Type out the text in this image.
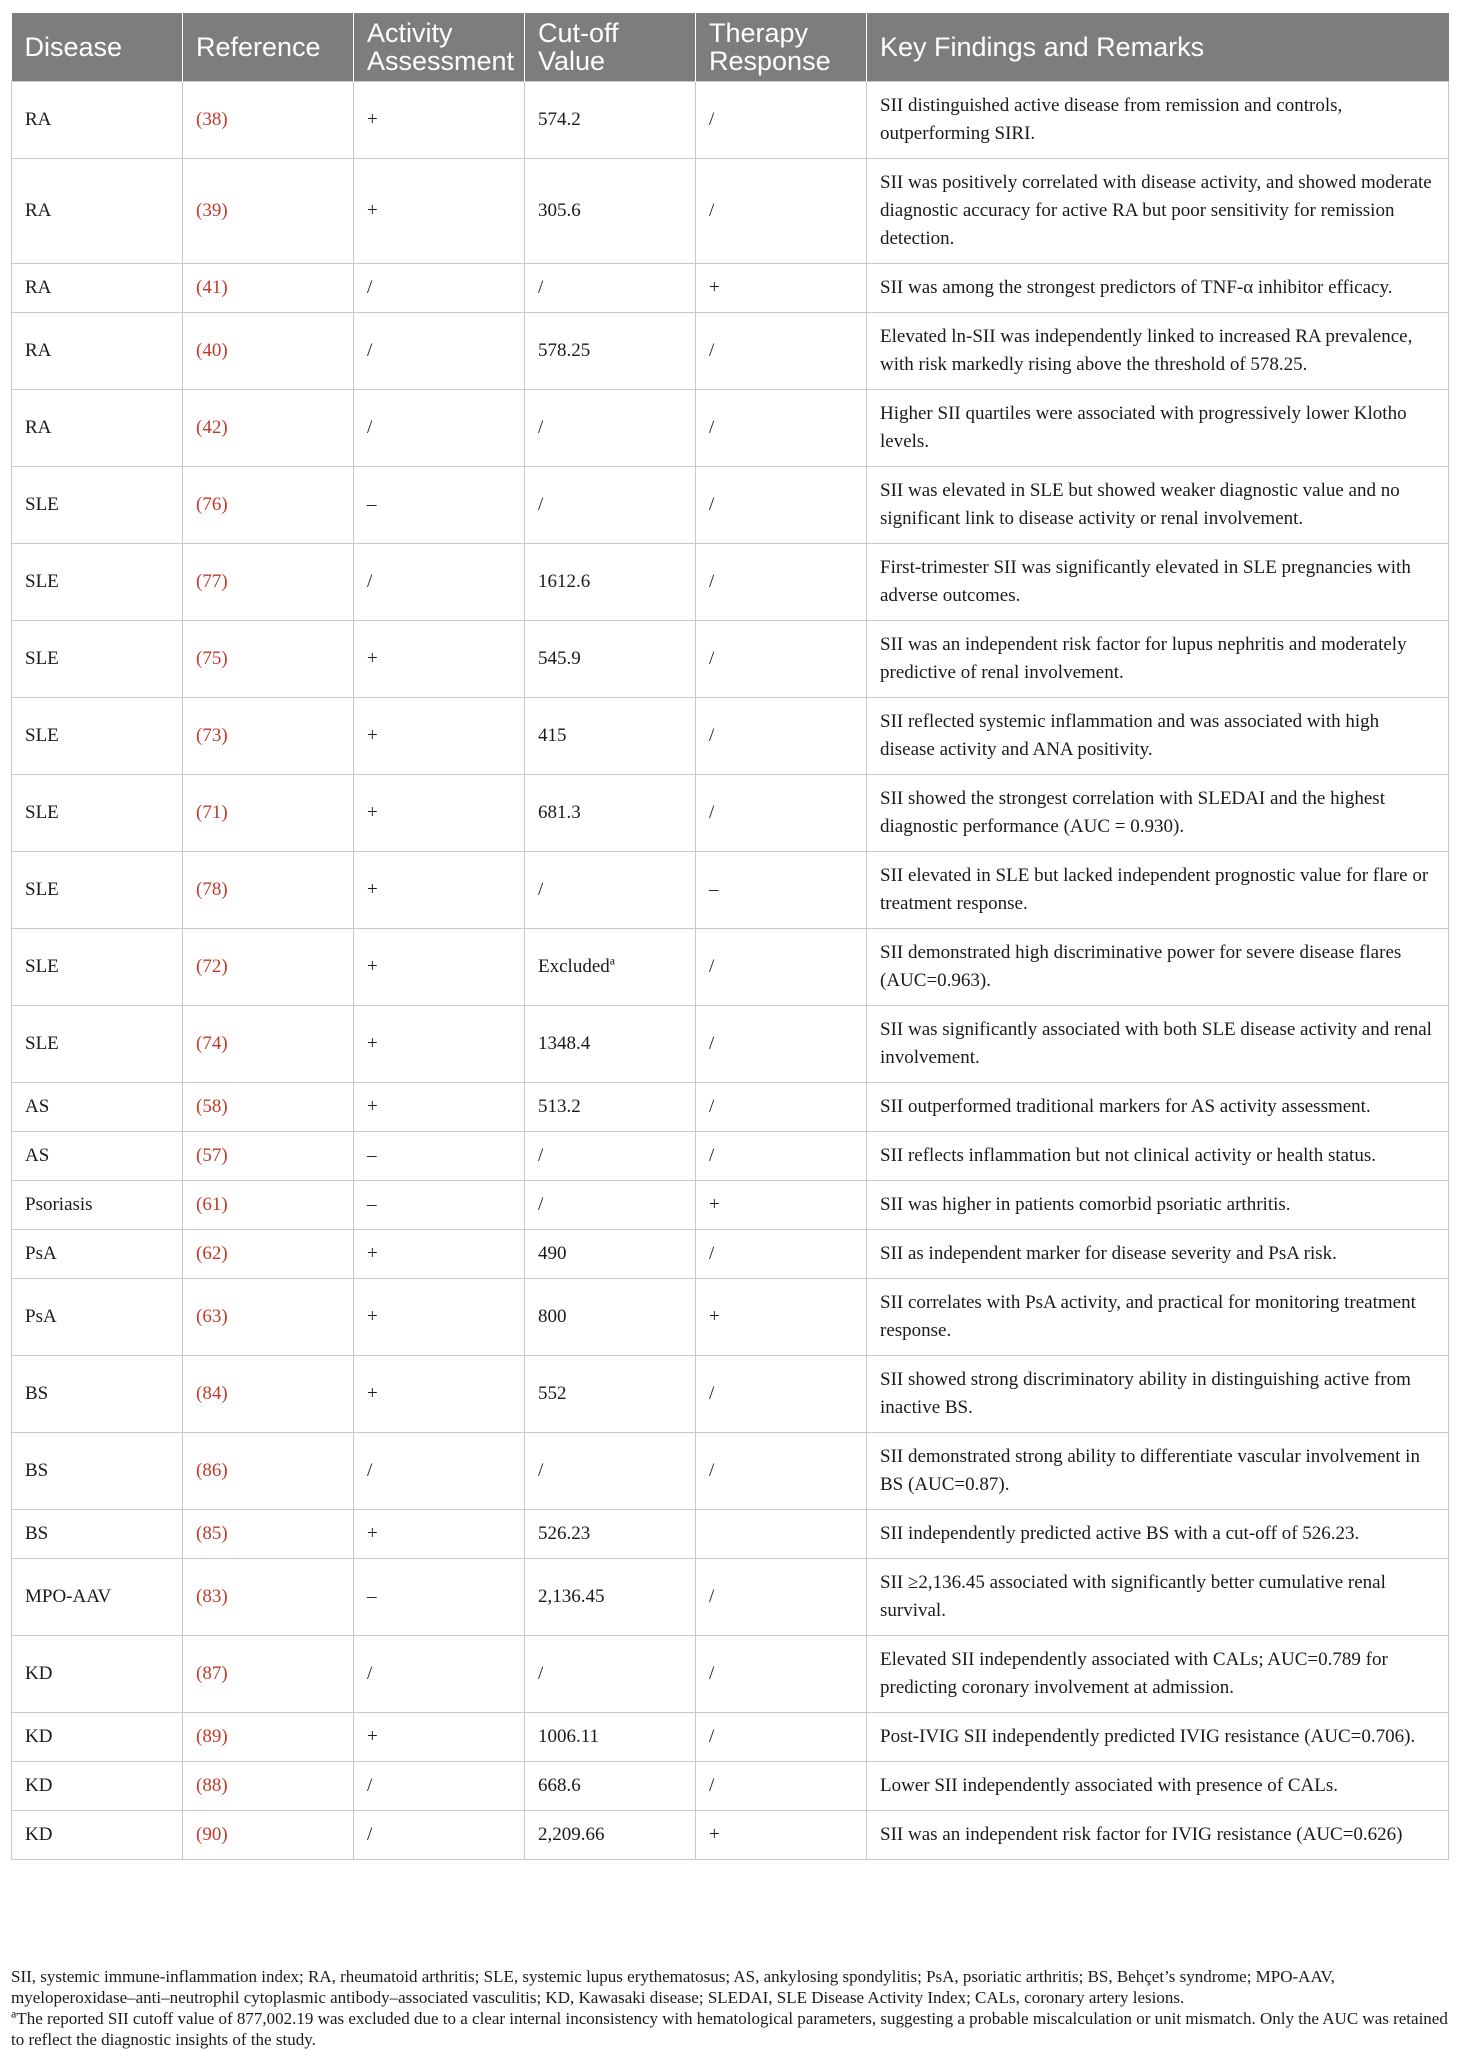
Disease	Reference	Activity Assessment	Cut-off Value	Therapy Response	Key Findings and Remarks
RA	(38)	+	574.2	/	SII distinguished active disease from remission and controls, outperforming SIRI.
RA	(39)	+	305.6	/	SII was positively correlated with disease activity, and showed moderate diagnostic accuracy for active RA but poor sensitivity for remission detection.
RA	(41)	/	/	+	SII was among the strongest predictors of TNF-α inhibitor efficacy.
RA	(40)	/	578.25	/	Elevated ln-SII was independently linked to increased RA prevalence, with risk markedly rising above the threshold of 578.25.
RA	(42)	/	/	/	Higher SII quartiles were associated with progressively lower Klotho levels.
SLE	(76)	–	/	/	SII was elevated in SLE but showed weaker diagnostic value and no significant link to disease activity or renal involvement.
SLE	(77)	/	1612.6	/	First-trimester SII was significantly elevated in SLE pregnancies with adverse outcomes.
SLE	(75)	+	545.9	/	SII was an independent risk factor for lupus nephritis and moderately predictive of renal involvement.
SLE	(73)	+	415	/	SII reflected systemic inflammation and was associated with high disease activity and ANA positivity.
SLE	(71)	+	681.3	/	SII showed the strongest correlation with SLEDAI and the highest diagnostic performance (AUC = 0.930).
SLE	(78)	+	/	–	SII elevated in SLE but lacked independent prognostic value for flare or treatment response.
SLE	(72)	+	Excluded$^a$	/	SII demonstrated high discriminative power for severe disease flares (AUC=0.963).
SLE	(74)	+	1348.4	/	SII was significantly associated with both SLE disease activity and renal involvement.
AS	(58)	+	513.2	/	SII outperformed traditional markers for AS activity assessment.
AS	(57)	–	/	/	SII reflects inflammation but not clinical activity or health status.
Psoriasis	(61)	–	/	+	SII was higher in patients comorbid psoriatic arthritis.
PsA	(62)	+	490	/	SII as independent marker for disease severity and PsA risk.
PsA	(63)	+	800	+	SII correlates with PsA activity, and practical for monitoring treatment response.
BS	(84)	+	552	/	SII showed strong discriminatory ability in distinguishing active from inactive BS.
BS	(86)	/	/	/	SII demonstrated strong ability to differentiate vascular involvement in BS (AUC=0.87).
BS	(85)	+	526.23		SII independently predicted active BS with a cut-off of 526.23.
MPO-AAV	(83)	–	2,136.45	/	SII ≥2,136.45 associated with significantly better cumulative renal survival.
KD	(87)	/	/	/	Elevated SII independently associated with CALs; AUC=0.789 for predicting coronary involvement at admission.
KD	(89)	+	1006.11	/	Post-IVIG SII independently predicted IVIG resistance (AUC=0.706).
KD	(88)	/	668.6	/	Lower SII independently associated with presence of CALs.
KD	(90)	/	2,209.66	+	SII was an independent risk factor for IVIG resistance (AUC=0.626)

SII, systemic immune-inflammation index; RA, rheumatoid arthritis; SLE, systemic lupus erythematosus; AS, ankylosing spondylitis; PsA, psoriatic arthritis; BS, Behçet’s syndrome; MPO-AAV, myeloperoxidase–anti–neutrophil cytoplasmic antibody–associated vasculitis; KD, Kawasaki disease; SLEDAI, SLE Disease Activity Index; CALs, coronary artery lesions.

$^a$The reported SII cutoff value of 877,002.19 was excluded due to a clear internal inconsistency with hematological parameters, suggesting a probable miscalculation or unit mismatch. Only the AUC was retained to reflect the diagnostic insights of the study.
